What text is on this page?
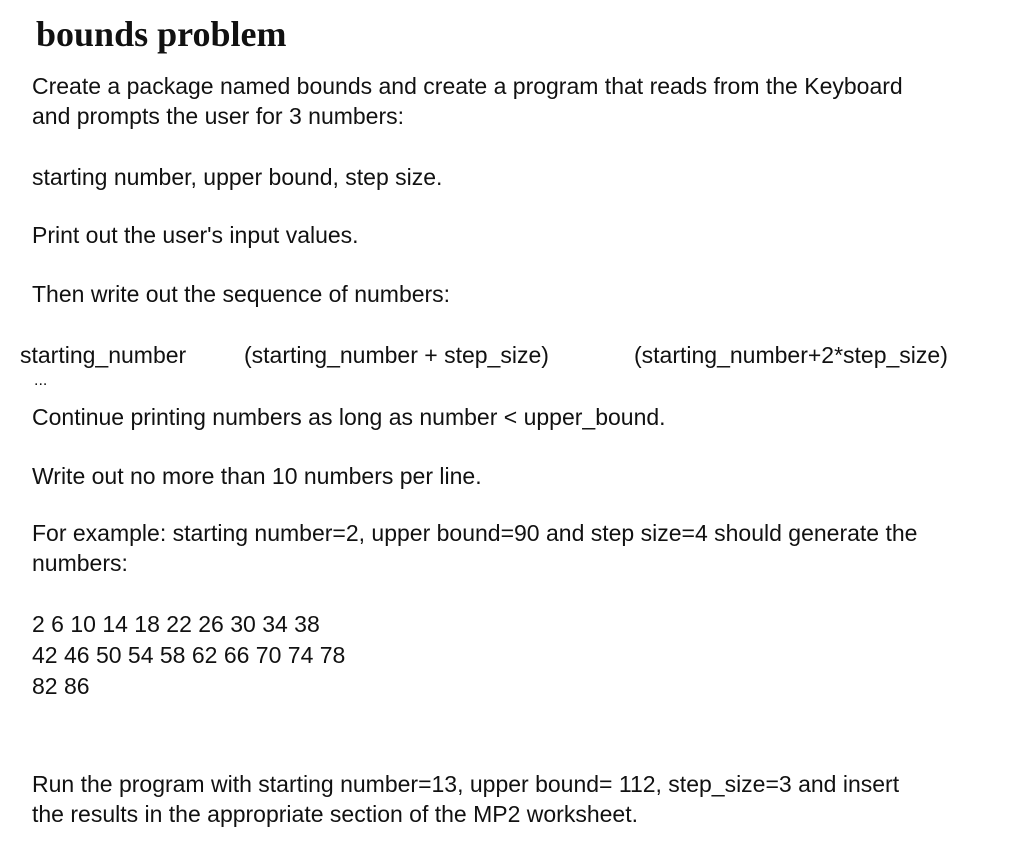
bounds problem
Create a package named bounds and create a program that reads from the Keyboard
and prompts the user for 3 numbers:
starting number, upper bound, step size.
Print out the user's input values.
Then write out the sequence of numbers:
starting_number	(starting_number + step_size)	(starting_number+2*step_size)
...
Continue printing numbers as long as number < upper_bound.
Write out no more than 10 numbers per line.
For example: starting number=2, upper bound=90 and step size=4 should generate the
numbers:
2 6 10 14 18 22 26 30 34 38
42 46 50 54 58 62 66 70 74 78
82 86
Run the program with starting number=13, upper bound= 112, step_size=3 and insert
the results in the appropriate section of the MP2 worksheet.
